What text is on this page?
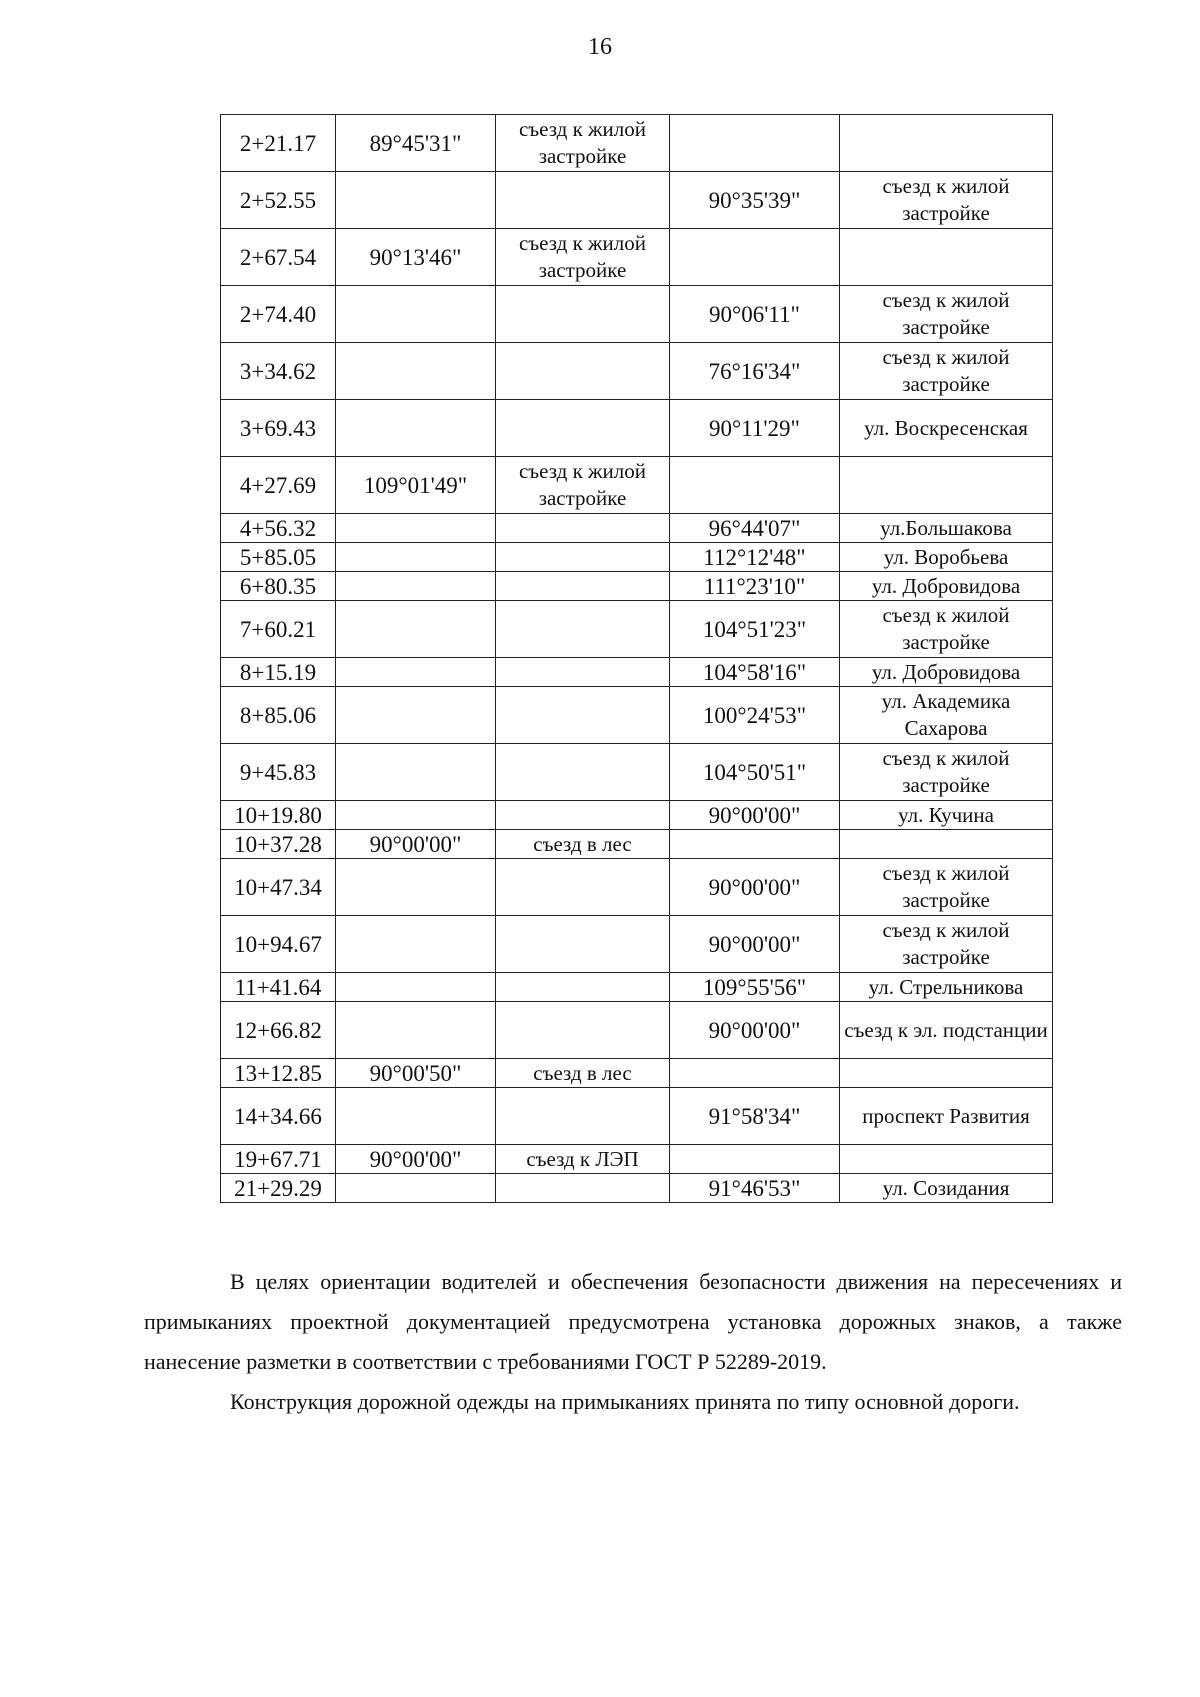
16
2+21.17	89°45'31"	съезд к жилой застройке		
2+52.55			90°35'39"	съезд к жилой застройке
2+67.54	90°13'46"	съезд к жилой застройке		
2+74.40			90°06'11"	съезд к жилой застройке
3+34.62			76°16'34"	съезд к жилой застройке
3+69.43			90°11'29"	ул. Воскресенская
4+27.69	109°01'49"	съезд к жилой застройке		
4+56.32			96°44'07"	ул.Большакова
5+85.05			112°12'48"	ул. Воробьева
6+80.35			111°23'10"	ул. Добровидова
7+60.21			104°51'23"	съезд к жилой застройке
8+15.19			104°58'16"	ул. Добровидова
8+85.06			100°24'53"	ул. Академика Сахарова
9+45.83			104°50'51"	съезд к жилой застройке
10+19.80			90°00'00"	ул. Кучина
10+37.28	90°00'00"	съезд в лес		
10+47.34			90°00'00"	съезд к жилой застройке
10+94.67			90°00'00"	съезд к жилой застройке
11+41.64			109°55'56"	ул. Стрельникова
12+66.82			90°00'00"	съезд к эл. подстанции
13+12.85	90°00'50"	съезд в лес		
14+34.66			91°58'34"	проспект Развития
19+67.71	90°00'00"	съезд к ЛЭП		
21+29.29			91°46'53"	ул. Созидания

В целях ориентации водителей и обеспечения безопасности движения на пересечениях и примыканиях проектной документацией предусмотрена установка дорожных знаков, а также нанесение разметки в соответствии с требованиями ГОСТ Р 52289-2019.

Конструкция дорожной одежды на примыканиях принята по типу основной дороги.
